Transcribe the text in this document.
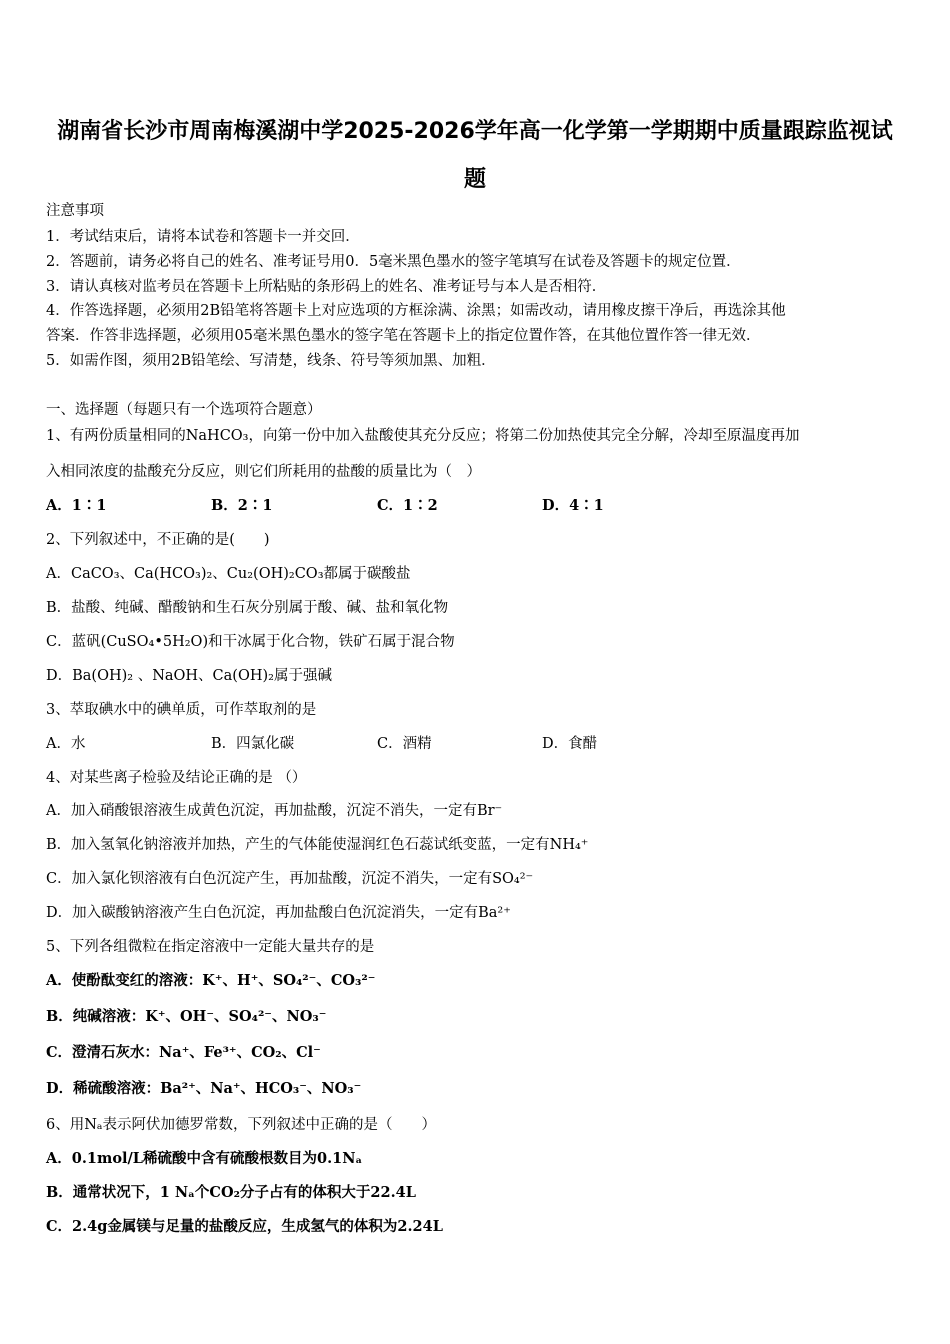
湖南省长沙市周南梅溪湖中学2025-2026学年高一化学第一学期期中质量跟踪监视试
题
注意事项
1．考试结束后，请将本试卷和答题卡一并交回．
2．答题前，请务必将自己的姓名、准考证号用0．5毫米黑色墨水的签字笔填写在试卷及答题卡的规定位置．
3．请认真核对监考员在答题卡上所粘贴的条形码上的姓名、准考证号与本人是否相符．
4．作答选择题，必须用2B铅笔将答题卡上对应选项的方框涂满、涂黑；如需改动，请用橡皮擦干净后，再选涂其他
答案．作答非选择题，必须用05毫米黑色墨水的签字笔在答题卡上的指定位置作答，在其他位置作答一律无效．
5．如需作图，须用2B铅笔绘、写清楚，线条、符号等须加黑、加粗．
一、选择题（每题只有一个选项符合题意）
1、有两份质量相同的NaHCO₃，向第一份中加入盐酸使其充分反应；将第二份加热使其完全分解，冷却至原温度再加
入相同浓度的盐酸充分反应，则它们所耗用的盐酸的质量比为（　）
A．1∶1	B．2∶1	C．1∶2	D．4∶1
2、下列叙述中，不正确的是(　　)
A．CaCO₃、Ca(HCO₃)₂、Cu₂(OH)₂CO₃都属于碳酸盐
B．盐酸、纯碱、醋酸钠和生石灰分别属于酸、碱、盐和氧化物
C．蓝矾(CuSO₄•5H₂O)和干冰属于化合物，铁矿石属于混合物
D．Ba(OH)₂ 、NaOH、Ca(OH)₂属于强碱
3、萃取碘水中的碘单质，可作萃取剂的是
A．水	B．四氯化碳	C．酒精	D．食醋
4、对某些离子检验及结论正确的是 （）
A．加入硝酸银溶液生成黄色沉淀，再加盐酸，沉淀不消失，一定有Br⁻
B．加入氢氧化钠溶液并加热，产生的气体能使湿润红色石蕊试纸变蓝，一定有NH₄⁺
C．加入氯化钡溶液有白色沉淀产生，再加盐酸，沉淀不消失，一定有SO₄²⁻
D．加入碳酸钠溶液产生白色沉淀，再加盐酸白色沉淀消失，一定有Ba²⁺
5、下列各组微粒在指定溶液中一定能大量共存的是
A．使酚酞变红的溶液：K⁺、H⁺、SO₄²⁻、CO₃²⁻
B．纯碱溶液：K⁺、OH⁻、SO₄²⁻、NO₃⁻
C．澄清石灰水：Na⁺、Fe³⁺、CO₂、Cl⁻
D．稀硫酸溶液：Ba²⁺、Na⁺、HCO₃⁻、NO₃⁻
6、用Nₐ表示阿伏加德罗常数，下列叙述中正确的是（　　）
A．0.1mol/L稀硫酸中含有硫酸根数目为0.1Nₐ
B．通常状况下，1 Nₐ个CO₂分子占有的体积大于22.4L
C．2.4g金属镁与足量的盐酸反应，生成氢气的体积为2.24L
